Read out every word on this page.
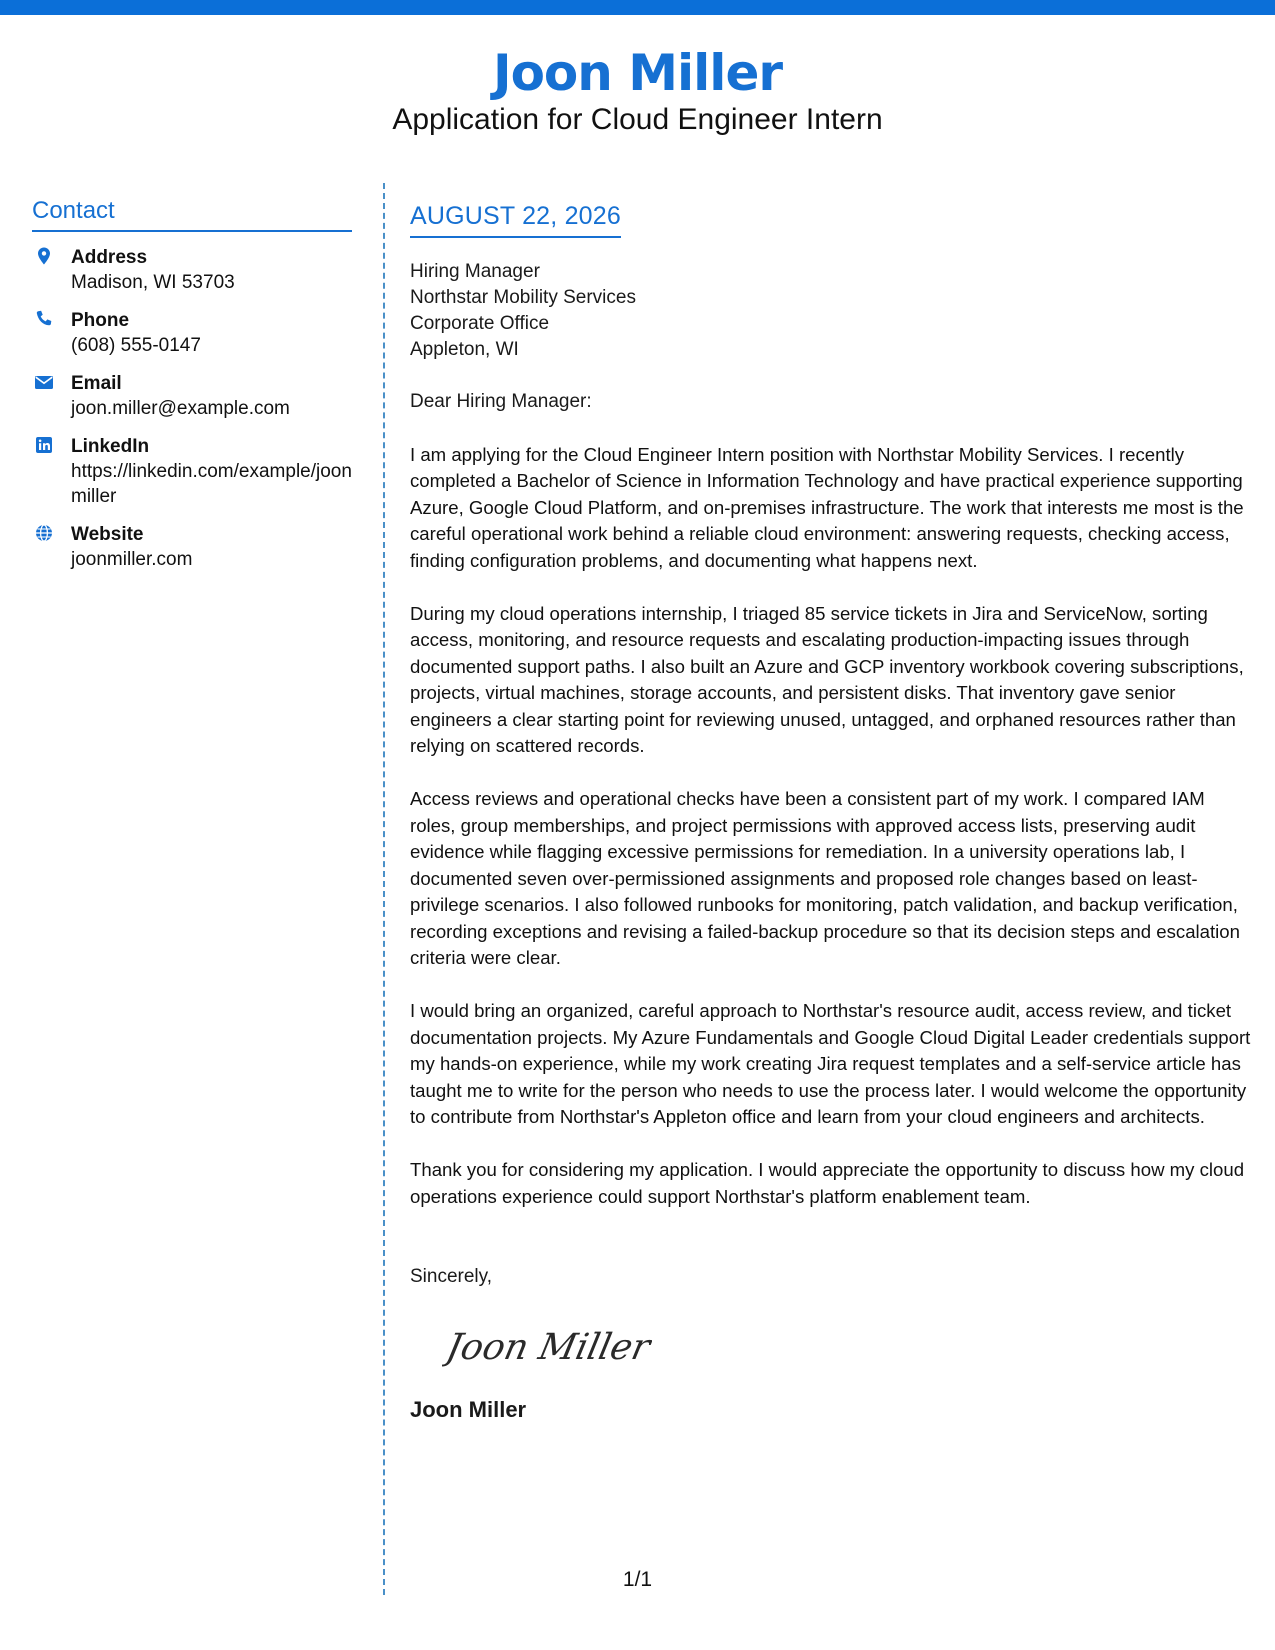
Joon Miller
Application for Cloud Engineer Intern
Contact
Address
Madison, WI 53703
Phone
(608) 555-0147
Email
joon.miller@example.com
LinkedIn
https://linkedin.com/example/joonmiller
Website
joonmiller.com
AUGUST 22, 2026
Hiring Manager
Northstar Mobility Services
Corporate Office
Appleton, WI
Dear Hiring Manager:
I am applying for the Cloud Engineer Intern position with Northstar Mobility Services. I recently completed a Bachelor of Science in Information Technology and have practical experience supporting Azure, Google Cloud Platform, and on-premises infrastructure. The work that interests me most is the careful operational work behind a reliable cloud environment: answering requests, checking access, finding configuration problems, and documenting what happens next.
During my cloud operations internship, I triaged 85 service tickets in Jira and ServiceNow, sorting access, monitoring, and resource requests and escalating production-impacting issues through documented support paths. I also built an Azure and GCP inventory workbook covering subscriptions, projects, virtual machines, storage accounts, and persistent disks. That inventory gave senior engineers a clear starting point for reviewing unused, untagged, and orphaned resources rather than relying on scattered records.
Access reviews and operational checks have been a consistent part of my work. I compared IAM roles, group memberships, and project permissions with approved access lists, preserving audit evidence while flagging excessive permissions for remediation. In a university operations lab, I documented seven over-permissioned assignments and proposed role changes based on least-privilege scenarios. I also followed runbooks for monitoring, patch validation, and backup verification, recording exceptions and revising a failed-backup procedure so that its decision steps and escalation criteria were clear.
I would bring an organized, careful approach to Northstar's resource audit, access review, and ticket documentation projects. My Azure Fundamentals and Google Cloud Digital Leader credentials support my hands-on experience, while my work creating Jira request templates and a self-service article has taught me to write for the person who needs to use the process later. I would welcome the opportunity to contribute from Northstar's Appleton office and learn from your cloud engineers and architects.
Thank you for considering my application. I would appreciate the opportunity to discuss how my cloud operations experience could support Northstar's platform enablement team.
Sincerely,
Joon Miller
Joon Miller
1/1
